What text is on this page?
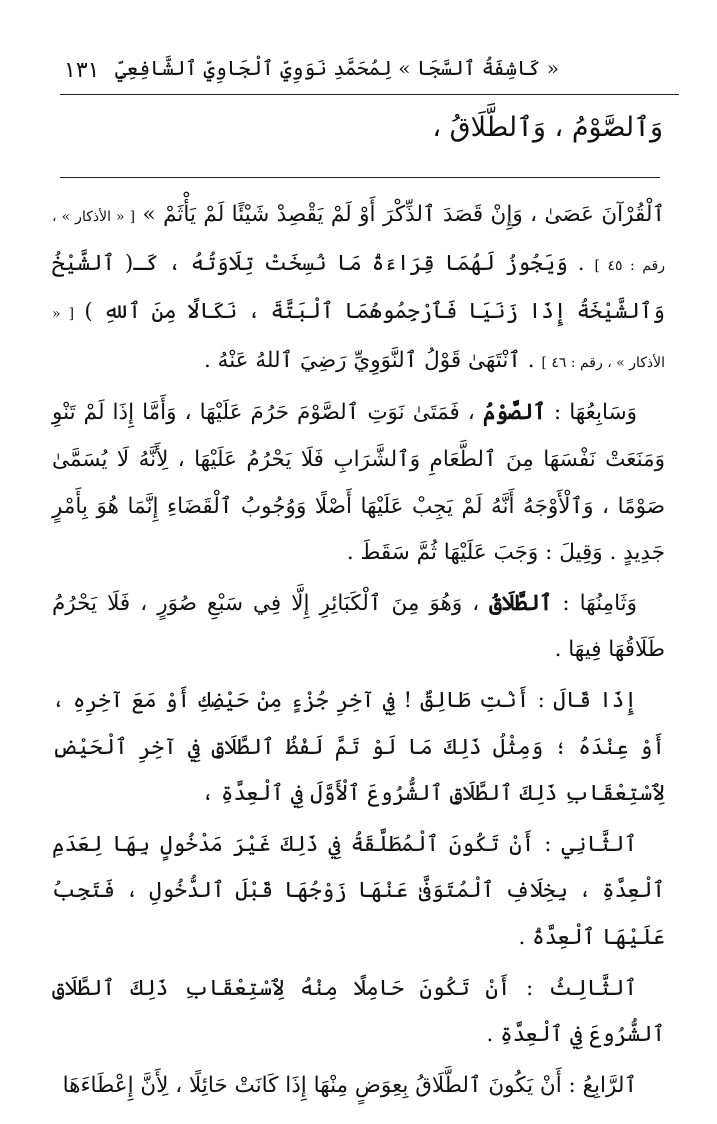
١٣١ « كَاشِفَةُ ٱلسَّجَا » لِمُحَمَّدِ نَوَوِيِّ ٱلْجَاوِيِّ ٱلشَّافِعِيِّ
وَٱلصَّوْمُ ، وَٱلطَّلَاقُ ،

ٱلْقُرْآنَ عَصَىٰ ، وَإِنْ قَصَدَ ٱلذِّكْرَ أَوْ لَمْ يَقْصِدْ شَيْئًا لَمْ يَأْثَمْ » [ « الأذكار » ، رقم : ٤٥ ] . وَيَجُوزُ لَهُمَا قِرَاءَةُ مَا نُسِخَتْ تِلَاوَتُهُ ، كَـ( ٱلشَّيْخُ وَٱلشَّيْخَةُ إِذَا زَنَيَا فَٱرْجِمُوهُمَا ٱلْبَتَّةَ ، نَكَالًا مِنَ ٱللهِ ) [ « الأذكار » ، رقم : ٤٦ ] . ٱنْتَهَىٰ قَوْلُ ٱلنَّوَوِيِّ رَضِيَ ٱللهُ عَنْهُ .

وَسَابِعُهَا : ٱلصَّوْمُ ، فَمَتَىٰ نَوَتِ ٱلصَّوْمَ حَرُمَ عَلَيْهَا ، وَأَمَّا إِذَا لَمْ تَنْوِ وَمَنَعَتْ نَفْسَهَا مِنَ ٱلطَّعَامِ وَٱلشَّرَابِ فَلَا يَحْرُمُ عَلَيْهَا ، لِأَنَّهُ لَا يُسَمَّىٰ صَوْمًا ، وَٱلْأَوْجَهُ أَنَّهُ لَمْ يَجِبْ عَلَيْهَا أَصْلًا وَوُجُوبُ ٱلْقَضَاءِ إِنَّمَا هُوَ بِأَمْرٍ جَدِيدٍ . وَقِيلَ : وَجَبَ عَلَيْهَا ثُمَّ سَقَطَ .

وَثَامِنُهَا : ٱلطَّلَاقُ ، وَهُوَ مِنَ ٱلْكَبَائِرِ إِلَّا فِي سَبْعِ صُوَرٍ ، فَلَا يَحْرُمُ طَلَاقُهَا فِيهَا .

إِذَا قَالَ : أَنْتِ طَالِقٌ ! فِي آخِرِ جُزْءٍ مِنْ حَيْضِكِ أَوْ مَعَ آخِرِهِ ، أَوْ عِنْدَهُ ؛ وَمِثْلُ ذَلِكَ مَا لَوْ تَمَّ لَفْظُ ٱلطَّلَاقِ فِي آخِرِ ٱلْحَيْضِ لِٱسْتِعْقَابِ ذَلِكَ ٱلطَّلَاقِ ٱلشُّرُوعَ ٱلْأَوَّلَ فِي ٱلْعِدَّةِ ،

ٱلثَّانِي : أَنْ تَكُونَ ٱلْمُطَلَّقَةُ فِي ذَلِكَ غَيْرَ مَدْخُولٍ بِهَا لِعَدَمِ ٱلْعِدَّةِ ، بِخِلَافِ ٱلْمُتَوَفَّىٰ عَنْهَا زَوْجُهَا قَبْلَ ٱلدُّخُولِ ، فَتَجِبُ عَلَيْهَا ٱلْعِدَّةُ .

ٱلثَّالِثُ : أَنْ تَكُونَ حَامِلًا مِنْهُ لِٱسْتِعْقَابِ ذَلِكَ ٱلطَّلَاقِ ٱلشُّرُوعَ فِي ٱلْعِدَّةِ .

ٱلرَّابِعُ : أَنْ يَكُونَ ٱلطَّلَاقُ بِعِوَضٍ مِنْهَا إِذَا كَانَتْ حَائِلًا ، لِأَنَّ إِعْطَاءَهَا
